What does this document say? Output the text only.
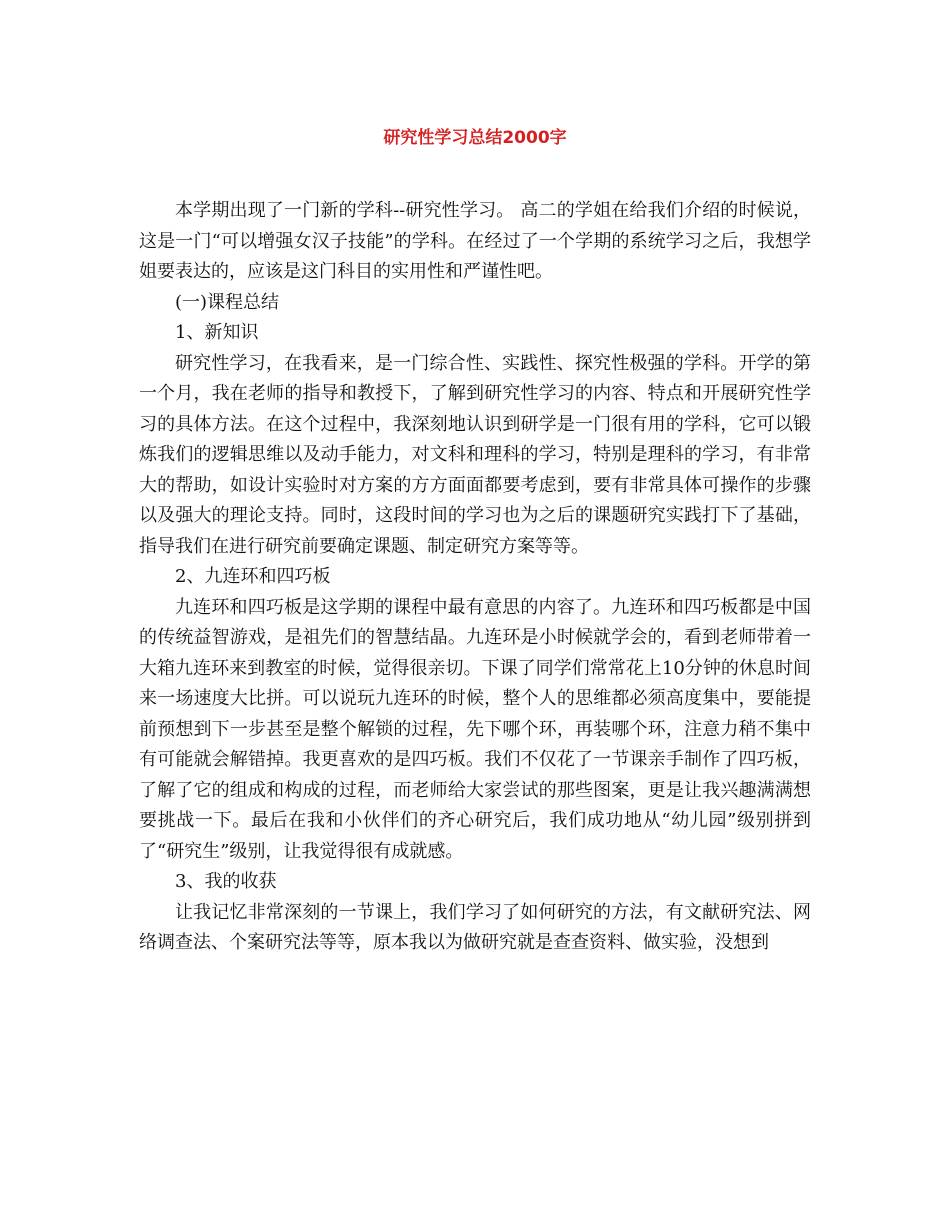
研究性学习总结2000字

本学期出现了一门新的学科--研究性学习。 高二的学姐在给我们介绍的时候说，这是一门“可以增强女汉子技能”的学科。在经过了一个学期的系统学习之后，我想学姐要表达的，应该是这门科目的实用性和严谨性吧。

(一)课程总结

1、新知识

研究性学习，在我看来，是一门综合性、实践性、探究性极强的学科。开学的第一个月，我在老师的指导和教授下，了解到研究性学习的内容、特点和开展研究性学习的具体方法。在这个过程中，我深刻地认识到研学是一门很有用的学科，它可以锻炼我们的逻辑思维以及动手能力，对文科和理科的学习，特别是理科的学习，有非常大的帮助，如设计实验时对方案的方方面面都要考虑到，要有非常具体可操作的步骤以及强大的理论支持。同时，这段时间的学习也为之后的课题研究实践打下了基础，指导我们在进行研究前要确定课题、制定研究方案等等。

2、九连环和四巧板

九连环和四巧板是这学期的课程中最有意思的内容了。九连环和四巧板都是中国的传统益智游戏，是祖先们的智慧结晶。九连环是小时候就学会的，看到老师带着一大箱九连环来到教室的时候，觉得很亲切。下课了同学们常常花上10分钟的休息时间来一场速度大比拼。可以说玩九连环的时候，整个人的思维都必须高度集中，要能提前预想到下一步甚至是整个解锁的过程，先下哪个环，再装哪个环，注意力稍不集中有可能就会解错掉。我更喜欢的是四巧板。我们不仅花了一节课亲手制作了四巧板，了解了它的组成和构成的过程，而老师给大家尝试的那些图案，更是让我兴趣满满想要挑战一下。最后在我和小伙伴们的齐心研究后，我们成功地从“幼儿园”级别拼到了“研究生”级别，让我觉得很有成就感。

3、我的收获

让我记忆非常深刻的一节课上，我们学习了如何研究的方法，有文献研究法、网络调查法、个案研究法等等，原本我以为做研究就是查查资料、做实验，没想到
